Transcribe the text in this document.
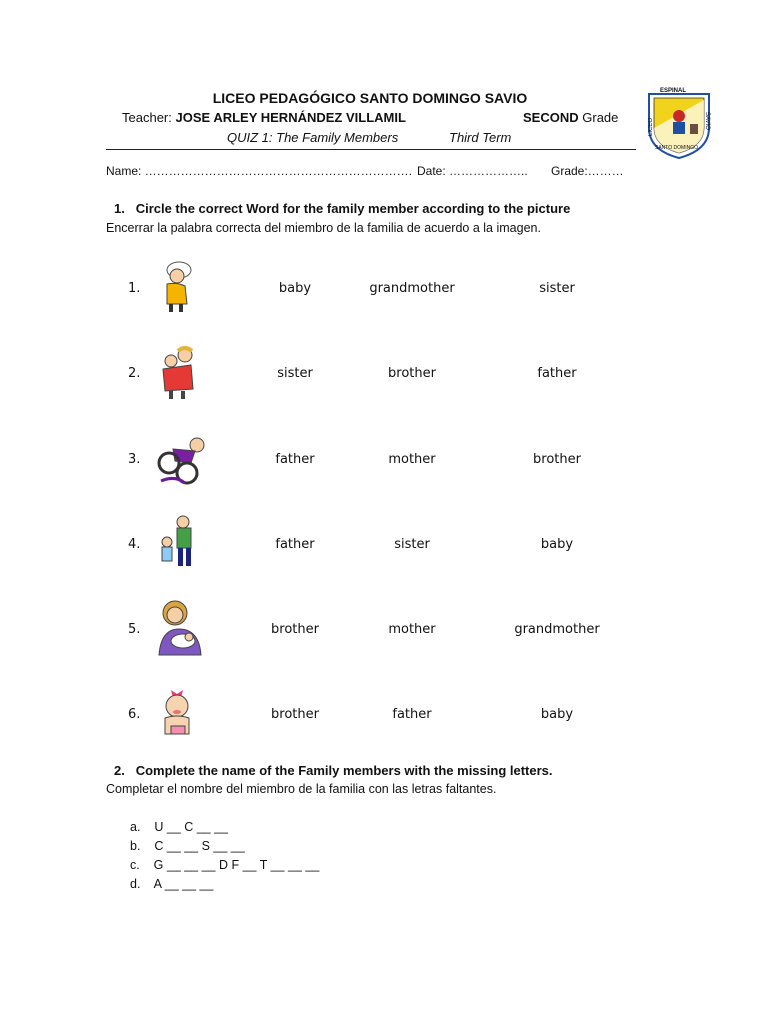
LICEO PEDAGÓGICO SANTO DOMINGO SAVIO
Teacher: JOSE ARLEY HERNÁNDEZ VILLAMIL	SECOND Grade
QUIZ 1: The Family Members	Third Term
ESPINAL
LICEO	SAVIO
SANTO DOMINGO
Name: …………………………………………………………. Date: ……………….. Grade:………
1. Circle the correct Word for the family member according to the picture
Encerrar la palabra correcta del miembro de la familia de acuerdo a la imagen.
1.	baby	grandmother	sister
2.	sister	brother	father
3.	father	mother	brother
4.	father	sister	baby
5.	brother	mother	grandmother
6.	brother	father	baby
2. Complete the name of the Family members with the missing letters.
Completar el nombre del miembro de la familia con las letras faltantes.
a. U __ C __ __
b. C __ __ S __ __
c. G __ __ __ D F __ T __ __ __
d. A __ __ __
